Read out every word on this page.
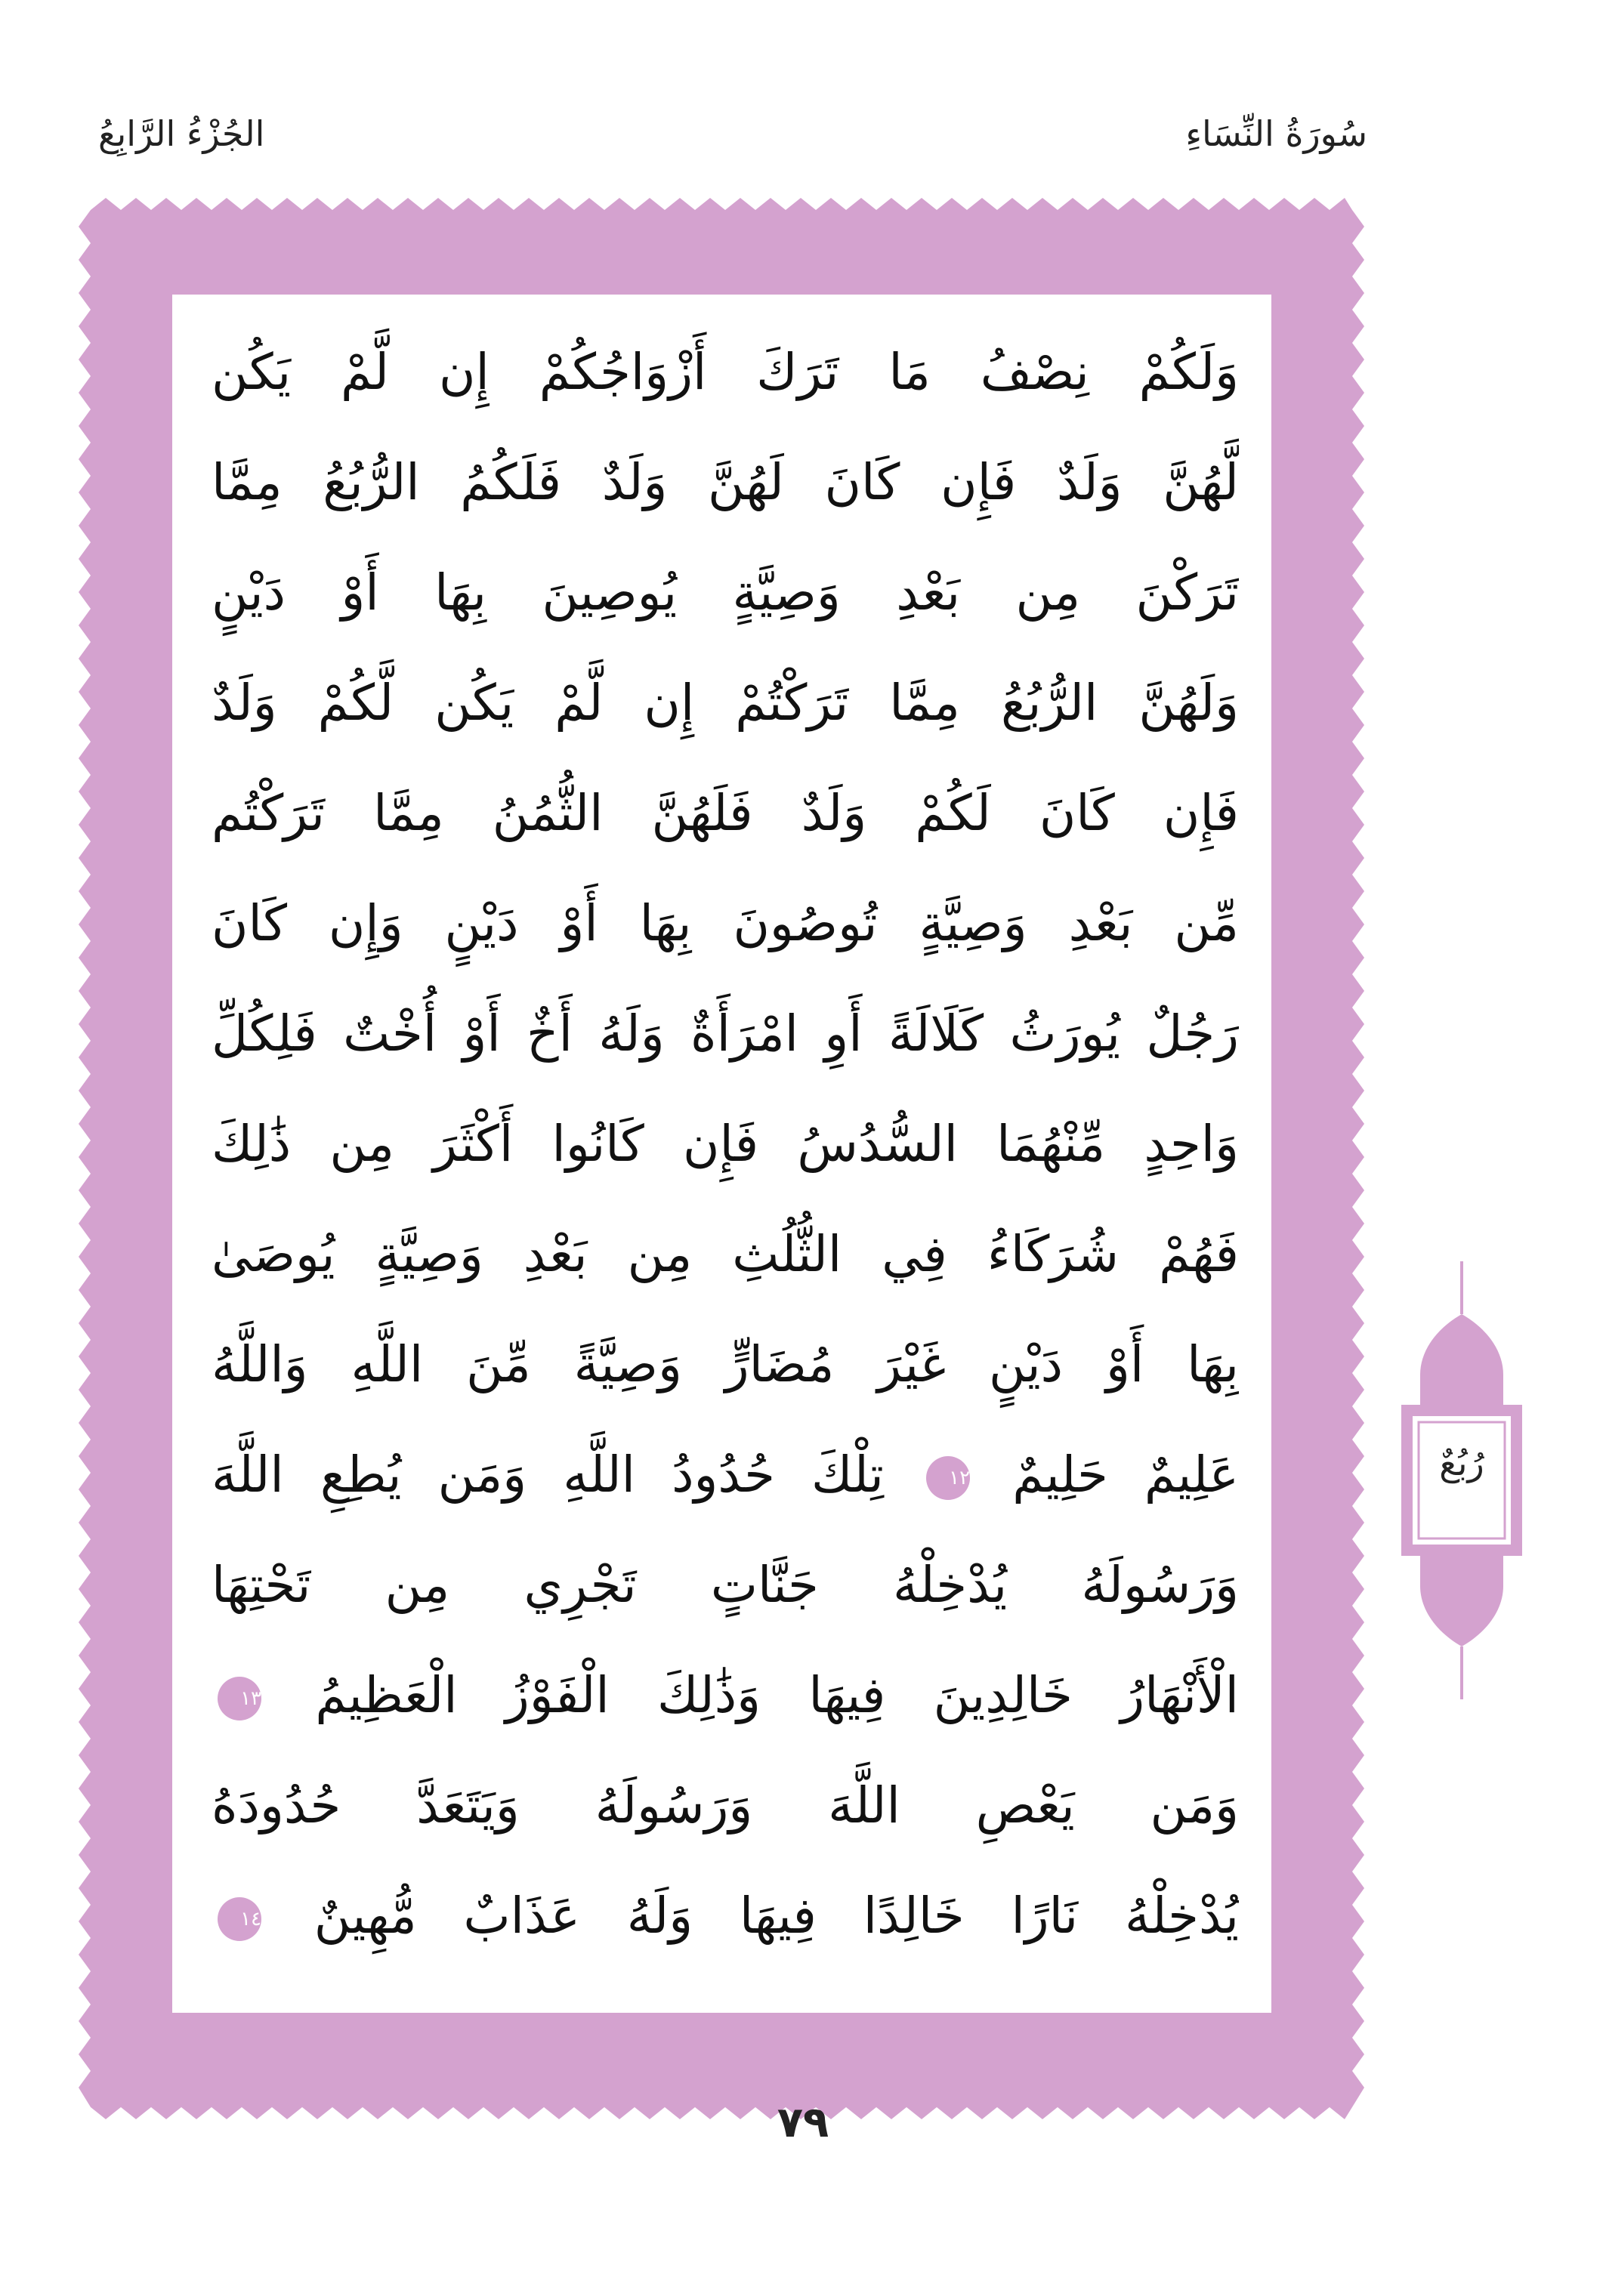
سُورَةُ النِّسَاءِ
الجُزْءُ الرَّابِعُ
وَلَكُمْ نِصْفُ مَا تَرَكَ أَزْوَاجُكُمْ إِن لَّمْ يَكُن
لَّهُنَّ وَلَدٌ فَإِن كَانَ لَهُنَّ وَلَدٌ فَلَكُمُ الرُّبُعُ مِمَّا
تَرَكْنَ مِن بَعْدِ وَصِيَّةٍ يُوصِينَ بِهَا أَوْ دَيْنٍ
وَلَهُنَّ الرُّبُعُ مِمَّا تَرَكْتُمْ إِن لَّمْ يَكُن لَّكُمْ وَلَدٌ
فَإِن كَانَ لَكُمْ وَلَدٌ فَلَهُنَّ الثُّمُنُ مِمَّا تَرَكْتُم
مِّن بَعْدِ وَصِيَّةٍ تُوصُونَ بِهَا أَوْ دَيْنٍ وَإِن كَانَ
رَجُلٌ يُورَثُ كَلَالَةً أَوِ امْرَأَةٌ وَلَهُ أَخٌ أَوْ أُخْتٌ فَلِكُلِّ
وَاحِدٍ مِّنْهُمَا السُّدُسُ فَإِن كَانُوا أَكْثَرَ مِن ذَٰلِكَ
فَهُمْ شُرَكَاءُ فِي الثُّلُثِ مِن بَعْدِ وَصِيَّةٍ يُوصَىٰ
بِهَا أَوْ دَيْنٍ غَيْرَ مُضَارٍّ وَصِيَّةً مِّنَ اللَّهِ وَاللَّهُ
عَلِيمٌ حَلِيمٌ ١٢ تِلْكَ حُدُودُ اللَّهِ وَمَن يُطِعِ اللَّهَ
وَرَسُولَهُ يُدْخِلْهُ جَنَّاتٍ تَجْرِي مِن تَحْتِهَا
الْأَنْهَارُ خَالِدِينَ فِيهَا وَذَٰلِكَ الْفَوْزُ الْعَظِيمُ ١٣
وَمَن يَعْصِ اللَّهَ وَرَسُولَهُ وَيَتَعَدَّ حُدُودَهُ
يُدْخِلْهُ نَارًا خَالِدًا فِيهَا وَلَهُ عَذَابٌ مُّهِينٌ ١٤
رُبُعٌ
٧٩
